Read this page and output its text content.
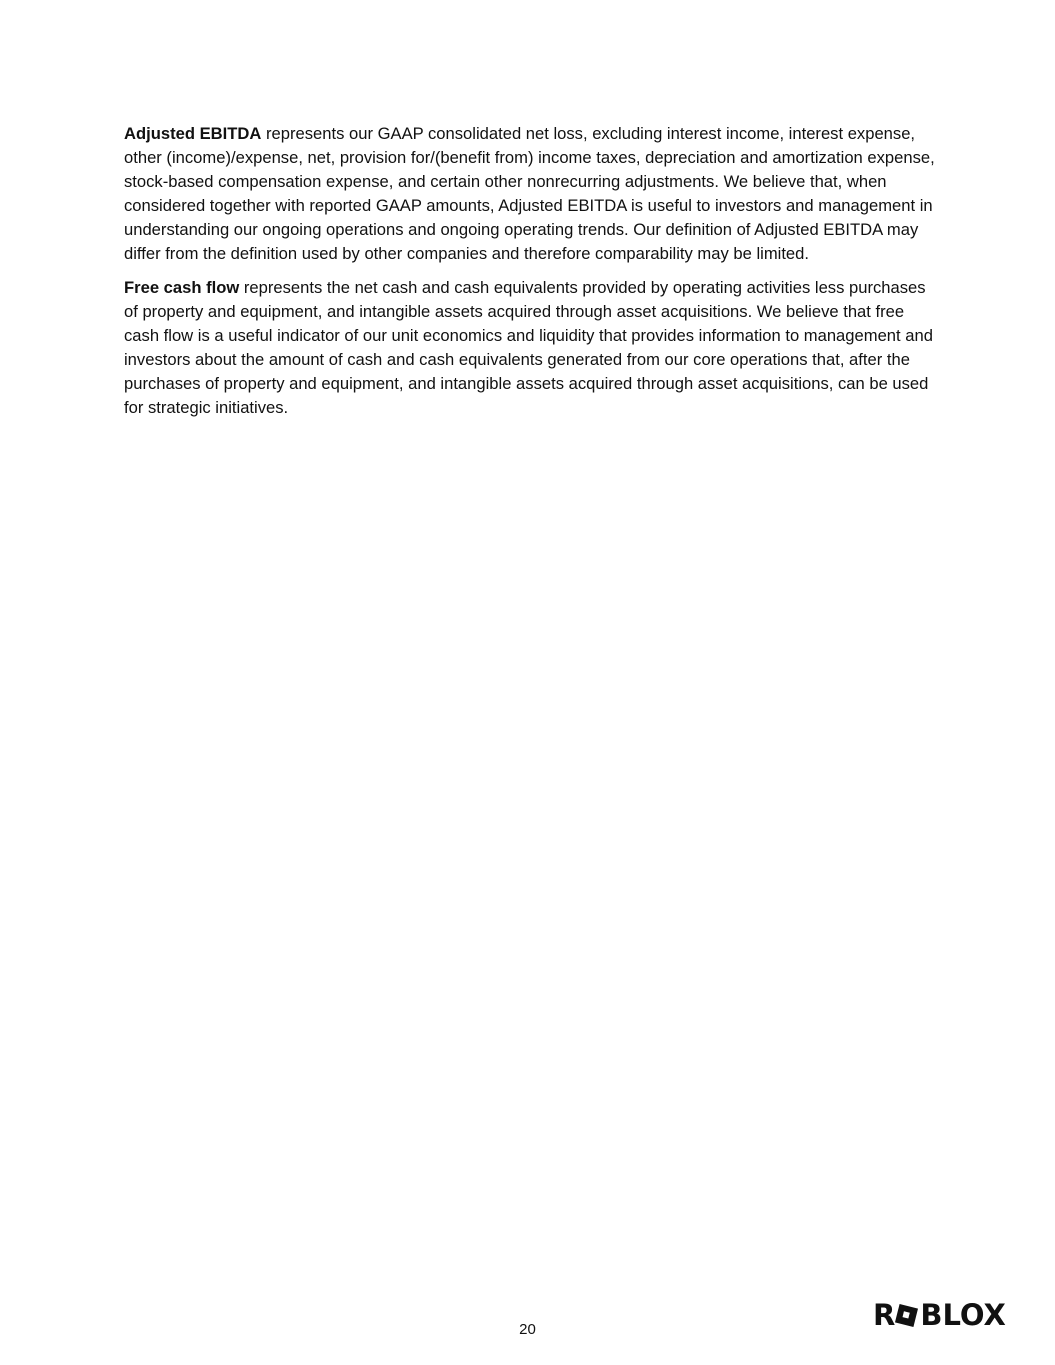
Adjusted EBITDA represents our GAAP consolidated net loss, excluding interest income, interest expense, other (income)/expense, net, provision for/(benefit from) income taxes, depreciation and amortization expense, stock-based compensation expense, and certain other nonrecurring adjustments. We believe that, when considered together with reported GAAP amounts, Adjusted EBITDA is useful to investors and management in understanding our ongoing operations and ongoing operating trends. Our definition of Adjusted EBITDA may differ from the definition used by other companies and therefore comparability may be limited.

Free cash flow represents the net cash and cash equivalents provided by operating activities less purchases of property and equipment, and intangible assets acquired through asset acquisitions. We believe that free cash flow is a useful indicator of our unit economics and liquidity that provides information to management and investors about the amount of cash and cash equivalents generated from our core operations that, after the purchases of property and equipment, and intangible assets acquired through asset acquisitions, can be used for strategic initiatives.

20	R BLOX
